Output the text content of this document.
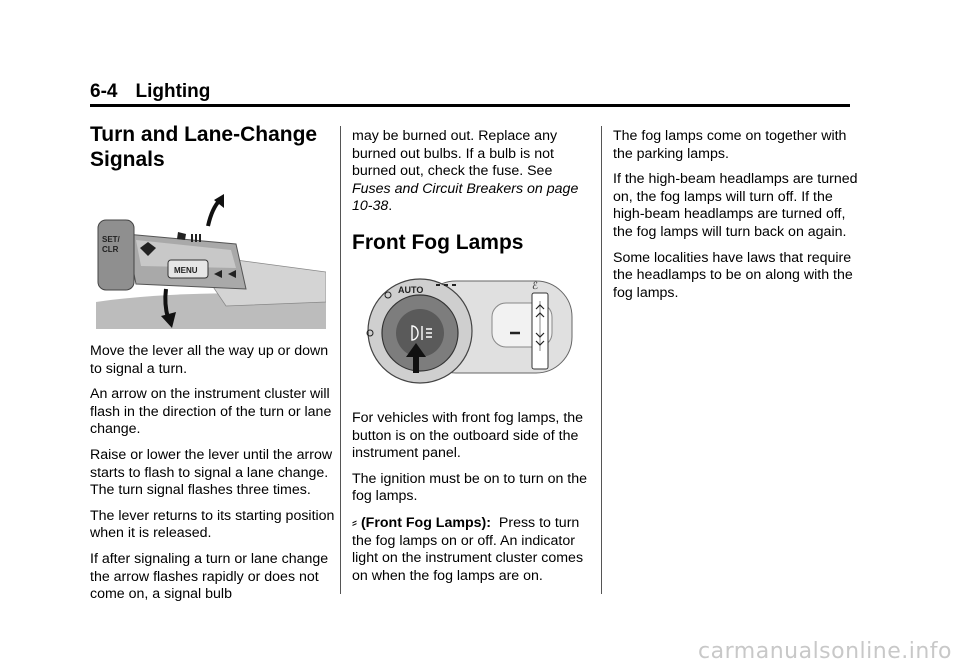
6-4 Lighting
Turn and Lane-Change Signals
SET/
CLR
MENU

Move the lever all the way up or down to signal a turn.

An arrow on the instrument cluster will flash in the direction of the turn or lane change.

Raise or lower the lever until the arrow starts to flash to signal a lane change. The turn signal flashes three times.

The lever returns to its starting position when it is released.

If after signaling a turn or lane change the arrow flashes rapidly or does not come on, a signal bulb

may be burned out. Replace any burned out bulbs. If a bulb is not burned out, check the fuse. See Fuses and Circuit Breakers on page 10-38.

Front Fog Lamps
ℰ
AUTO

For vehicles with front fog lamps, the button is on the outboard side of the instrument panel.

The ignition must be on to turn on the fog lamps.

⸗ (Front Fog Lamps): Press to turn the fog lamps on or off. An indicator light on the instrument cluster comes on when the fog lamps are on.

The fog lamps come on together with the parking lamps.

If the high-beam headlamps are turned on, the fog lamps will turn off. If the high-beam headlamps are turned off, the fog lamps will turn back on again.

Some localities have laws that require the headlamps to be on along with the fog lamps.

carmanualsonline.info
